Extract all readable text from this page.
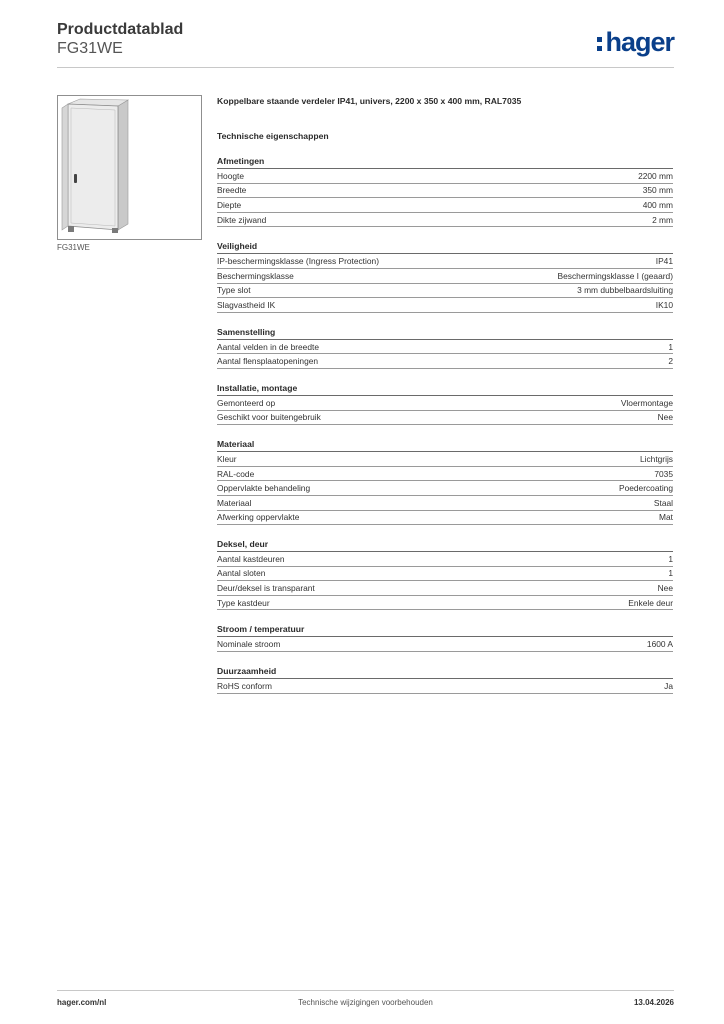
Productdatablad
FG31WE	hager
FG31WE
Koppelbare staande verdeler IP41, univers, 2200 x 350 x 400 mm, RAL7035
Technische eigenschappen
Afmetingen
Hoogte	2200 mm
Breedte	350 mm
Diepte	400 mm
Dikte zijwand	2 mm
Veiligheid
IP-beschermingsklasse (Ingress Protection)	IP41
Beschermingsklasse	Beschermingsklasse I (geaard)
Type slot	3 mm dubbelbaardsluiting
Slagvastheid IK	IK10
Samenstelling
Aantal velden in de breedte	1
Aantal flensplaatopeningen	2
Installatie, montage
Gemonteerd op	Vloermontage
Geschikt voor buitengebruik	Nee
Materiaal
Kleur	Lichtgrijs
RAL-code	7035
Oppervlakte behandeling	Poedercoating
Materiaal	Staal
Afwerking oppervlakte	Mat
Deksel, deur
Aantal kastdeuren	1
Aantal sloten	1
Deur/deksel is transparant	Nee
Type kastdeur	Enkele deur
Stroom / temperatuur
Nominale stroom	1600 A
Duurzaamheid
RoHS conform	Ja
hager.com/nl	Technische wijzigingen voorbehouden	13.04.2026
